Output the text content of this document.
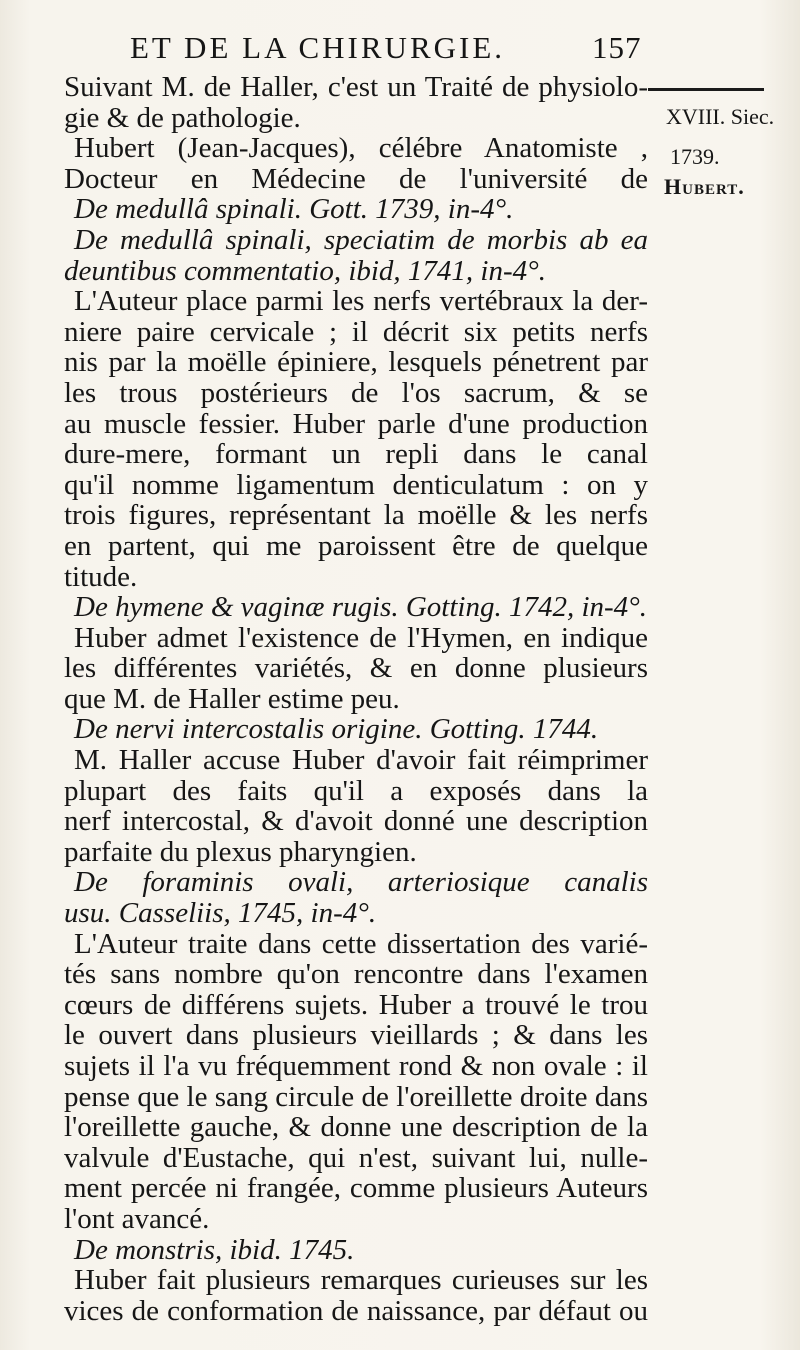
ET DE LA CHIRURGIE.	157
XVIII. Siec.
1739.
Hubert.
Suivant M. de Haller, c'est un Traité de physiolo-
gie & de pathologie.
Hubert (Jean-Jacques), célébre Anatomiste ,
Docteur en Médecine de l'université de
De medullâ spinali. Gott. 1739, in-4°.
De medullâ spinali, speciatim de morbis ab ea
deuntibus commentatio, ibid, 1741, in-4°.
L'Auteur place parmi les nerfs vertébraux la der-
niere paire cervicale ; il décrit six petits nerfs
nis par la moëlle épiniere, lesquels pénetrent par
les trous postérieurs de l'os sacrum, & se
au muscle fessier. Huber parle d'une production
dure-mere, formant un repli dans le canal
qu'il nomme ligamentum denticulatum : on y
trois figures, représentant la moëlle & les nerfs
en partent, qui me paroissent être de quelque
titude.
De hymene & vaginæ rugis. Gotting. 1742, in-4°.
Huber admet l'existence de l'Hymen, en indique
les différentes variétés, & en donne plusieurs
que M. de Haller estime peu.
De nervi intercostalis origine. Gotting. 1744.
M. Haller accuse Huber d'avoir fait réimprimer
plupart des faits qu'il a exposés dans la
nerf intercostal, & d'avoit donné une description
parfaite du plexus pharyngien.
De foraminis ovali, arteriosique canalis
usu. Casseliis, 1745, in-4°.
L'Auteur traite dans cette dissertation des varié-
tés sans nombre qu'on rencontre dans l'examen
cœurs de différens sujets. Huber a trouvé le trou
le ouvert dans plusieurs vieillards ; & dans les
sujets il l'a vu fréquemment rond & non ovale : il
pense que le sang circule de l'oreillette droite dans
l'oreillette gauche, & donne une description de la
valvule d'Eustache, qui n'est, suivant lui, nulle-
ment percée ni frangée, comme plusieurs Auteurs
l'ont avancé.
De monstris, ibid. 1745.
Huber fait plusieurs remarques curieuses sur les
vices de conformation de naissance, par défaut ou
